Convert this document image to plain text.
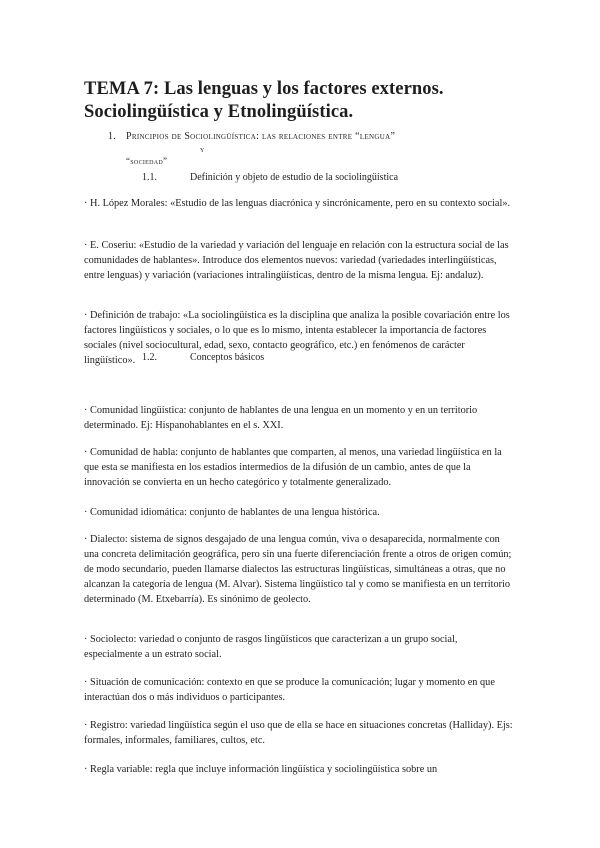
TEMA 7: Las lenguas y los factores externos. Sociolingüística y Etnolingüística.
1. Principios de Sociolingüística: las relaciones entre “lengua”
y
“sociedad”
1.1.	Definición y objeto de estudio de la sociolingüística

· H. López Morales: «Estudio de las lenguas diacrónica y sincrónicamente, pero en su contexto social».

· E. Coseriu: «Estudio de la variedad y variación del lenguaje en relación con la estructura social de las comunidades de hablantes». Introduce dos elementos nuevos: variedad (variedades interlingüísticas, entre lenguas) y variación (variaciones intralingüísticas, dentro de la misma lengua. Ej: andaluz).

· Definición de trabajo: «La sociolingüística es la disciplina que analiza la posible covariación entre los factores lingüísticos y sociales, o lo que es lo mismo, intenta establecer la importancia de factores sociales (nivel sociocultural, edad, sexo, contacto geográfico, etc.) en fenómenos de carácter lingüístico». 1.2.	Conceptos básicos

· Comunidad lingüística: conjunto de hablantes de una lengua en un momento y en un territorio determinado. Ej: Hispanohablantes en el s. XXI.

· Comunidad de habla: conjunto de hablantes que comparten, al menos, una variedad lingüística en la que esta se manifiesta en los estadios intermedios de la difusión de un cambio, antes de que la innovación se convierta en un hecho categórico y totalmente generalizado.

· Comunidad idiomática: conjunto de hablantes de una lengua histórica.

· Dialecto: sistema de signos desgajado de una lengua común, viva o desaparecida, normalmente con una concreta delimitación geográfica, pero sin una fuerte diferenciación frente a otros de origen común; de modo secundario, pueden llamarse dialectos las estructuras lingüísticas, simultáneas a otras, que no alcanzan la categoría de lengua (M. Alvar). Sistema lingüístico tal y como se manifiesta en un territorio determinado (M. Etxebarría). Es sinónimo de geolecto.

· Sociolecto: variedad o conjunto de rasgos lingüísticos que caracterizan a un grupo social, especialmente a un estrato social.

· Situación de comunicación: contexto en que se produce la comunicación; lugar y momento en que interactúan dos o más individuos o participantes.

· Registro: variedad lingüística según el uso que de ella se hace en situaciones concretas (Halliday). Ejs: formales, informales, familiares, cultos, etc.

· Regla variable: regla que incluye información lingüística y sociolingüística sobre un
